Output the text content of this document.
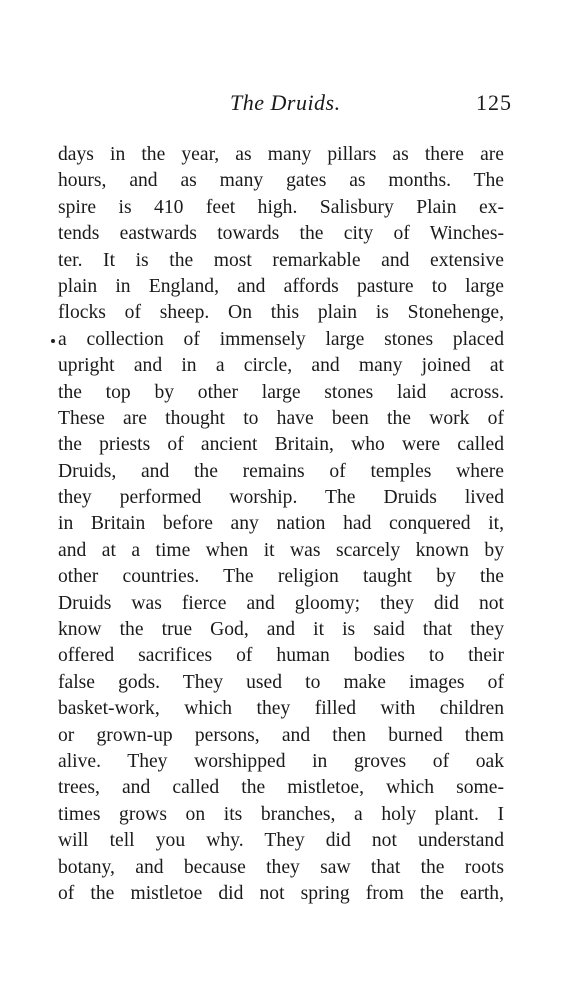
The Druids.	125
days in the year, as many pillars as there are
hours, and as many gates as months. The
spire is 410 feet high. Salisbury Plain ex-
tends eastwards towards the city of Winches-
ter. It is the most remarkable and extensive
plain in England, and affords pasture to large
flocks of sheep. On this plain is Stonehenge,
a collection of immensely large stones placed
upright and in a circle, and many joined at
the top by other large stones laid across.
These are thought to have been the work of
the priests of ancient Britain, who were called
Druids, and the remains of temples where
they performed worship. The Druids lived
in Britain before any nation had conquered it,
and at a time when it was scarcely known by
other countries. The religion taught by the
Druids was fierce and gloomy; they did not
know the true God, and it is said that they
offered sacrifices of human bodies to their
false gods. They used to make images of
basket-work, which they filled with children
or grown-up persons, and then burned them
alive. They worshipped in groves of oak
trees, and called the mistletoe, which some-
times grows on its branches, a holy plant. I
will tell you why. They did not understand
botany, and because they saw that the roots
of the mistletoe did not spring from the earth,
